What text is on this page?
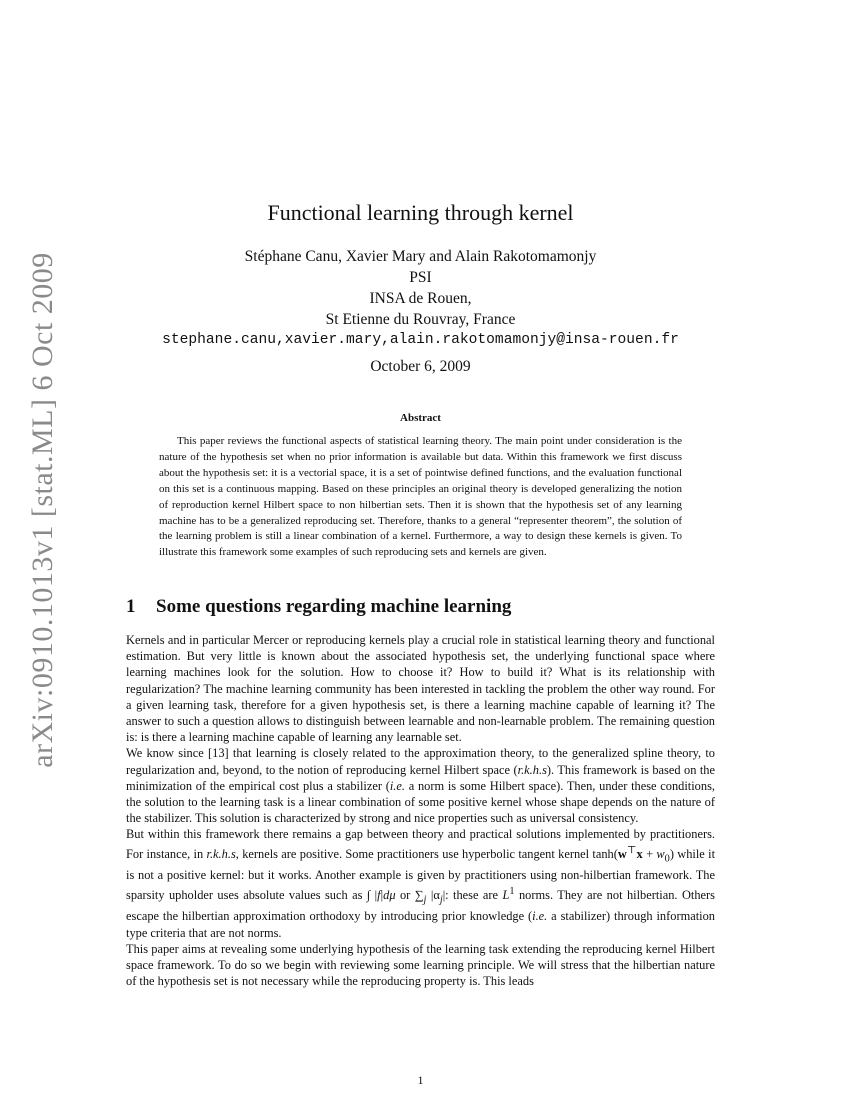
arXiv:0910.1013v1 [stat.ML] 6 Oct 2009
Functional learning through kernel
Stéphane Canu, Xavier Mary and Alain Rakotomamonjy
PSI
INSA de Rouen,
St Etienne du Rouvray, France
stephane.canu,xavier.mary,alain.rakotomamonjy@insa-rouen.fr
October 6, 2009
Abstract

This paper reviews the functional aspects of statistical learning theory. The main point under consideration is the nature of the hypothesis set when no prior information is available but data. Within this framework we first discuss about the hypothesis set: it is a vectorial space, it is a set of pointwise defined functions, and the evaluation functional on this set is a continuous mapping. Based on these principles an original theory is developed generalizing the notion of reproduction kernel Hilbert space to non hilbertian sets. Then it is shown that the hypothesis set of any learning machine has to be a generalized reproducing set. Therefore, thanks to a general “representer theorem”, the solution of the learning problem is still a linear combination of a kernel. Furthermore, a way to design these kernels is given. To illustrate this framework some examples of such reproducing sets and kernels are given.

1 Some questions regarding machine learning

Kernels and in particular Mercer or reproducing kernels play a crucial role in statistical learning theory and functional estimation. But very little is known about the associated hypothesis set, the underlying functional space where learning machines look for the solution. How to choose it? How to build it? What is its relationship with regularization? The machine learning community has been interested in tackling the problem the other way round. For a given learning task, therefore for a given hypothesis set, is there a learning machine capable of learning it? The answer to such a question allows to distinguish between learnable and non-learnable problem. The remaining question is: is there a learning machine capable of learning any learnable set.

We know since [13] that learning is closely related to the approximation theory, to the generalized spline theory, to regularization and, beyond, to the notion of reproducing kernel Hilbert space (r.k.h.s). This framework is based on the minimization of the empirical cost plus a stabilizer (i.e. a norm is some Hilbert space). Then, under these conditions, the solution to the learning task is a linear combination of some positive kernel whose shape depends on the nature of the stabilizer. This solution is characterized by strong and nice properties such as universal consistency.

But within this framework there remains a gap between theory and practical solutions implemented by practitioners. For instance, in r.k.h.s, kernels are positive. Some practitioners use hyperbolic tangent kernel $\tanh(w^⊤x + w_0)$ while it is not a positive kernel: but it works. Another example is given by practitioners using non-hilbertian framework. The sparsity upholder uses absolute values such as ∫ |f|dμ or $\sum_j$ $|\alpha_j|$: these are $L^1$ norms. They are not hilbertian. Others escape the hilbertian approximation orthodoxy by introducing prior knowledge (i.e. a stabilizer) through information type criteria that are not norms.

This paper aims at revealing some underlying hypothesis of the learning task extending the reproducing kernel Hilbert space framework. To do so we begin with reviewing some learning principle. We will stress that the hilbertian nature of the hypothesis set is not necessary while the reproducing property is. This leads

1
